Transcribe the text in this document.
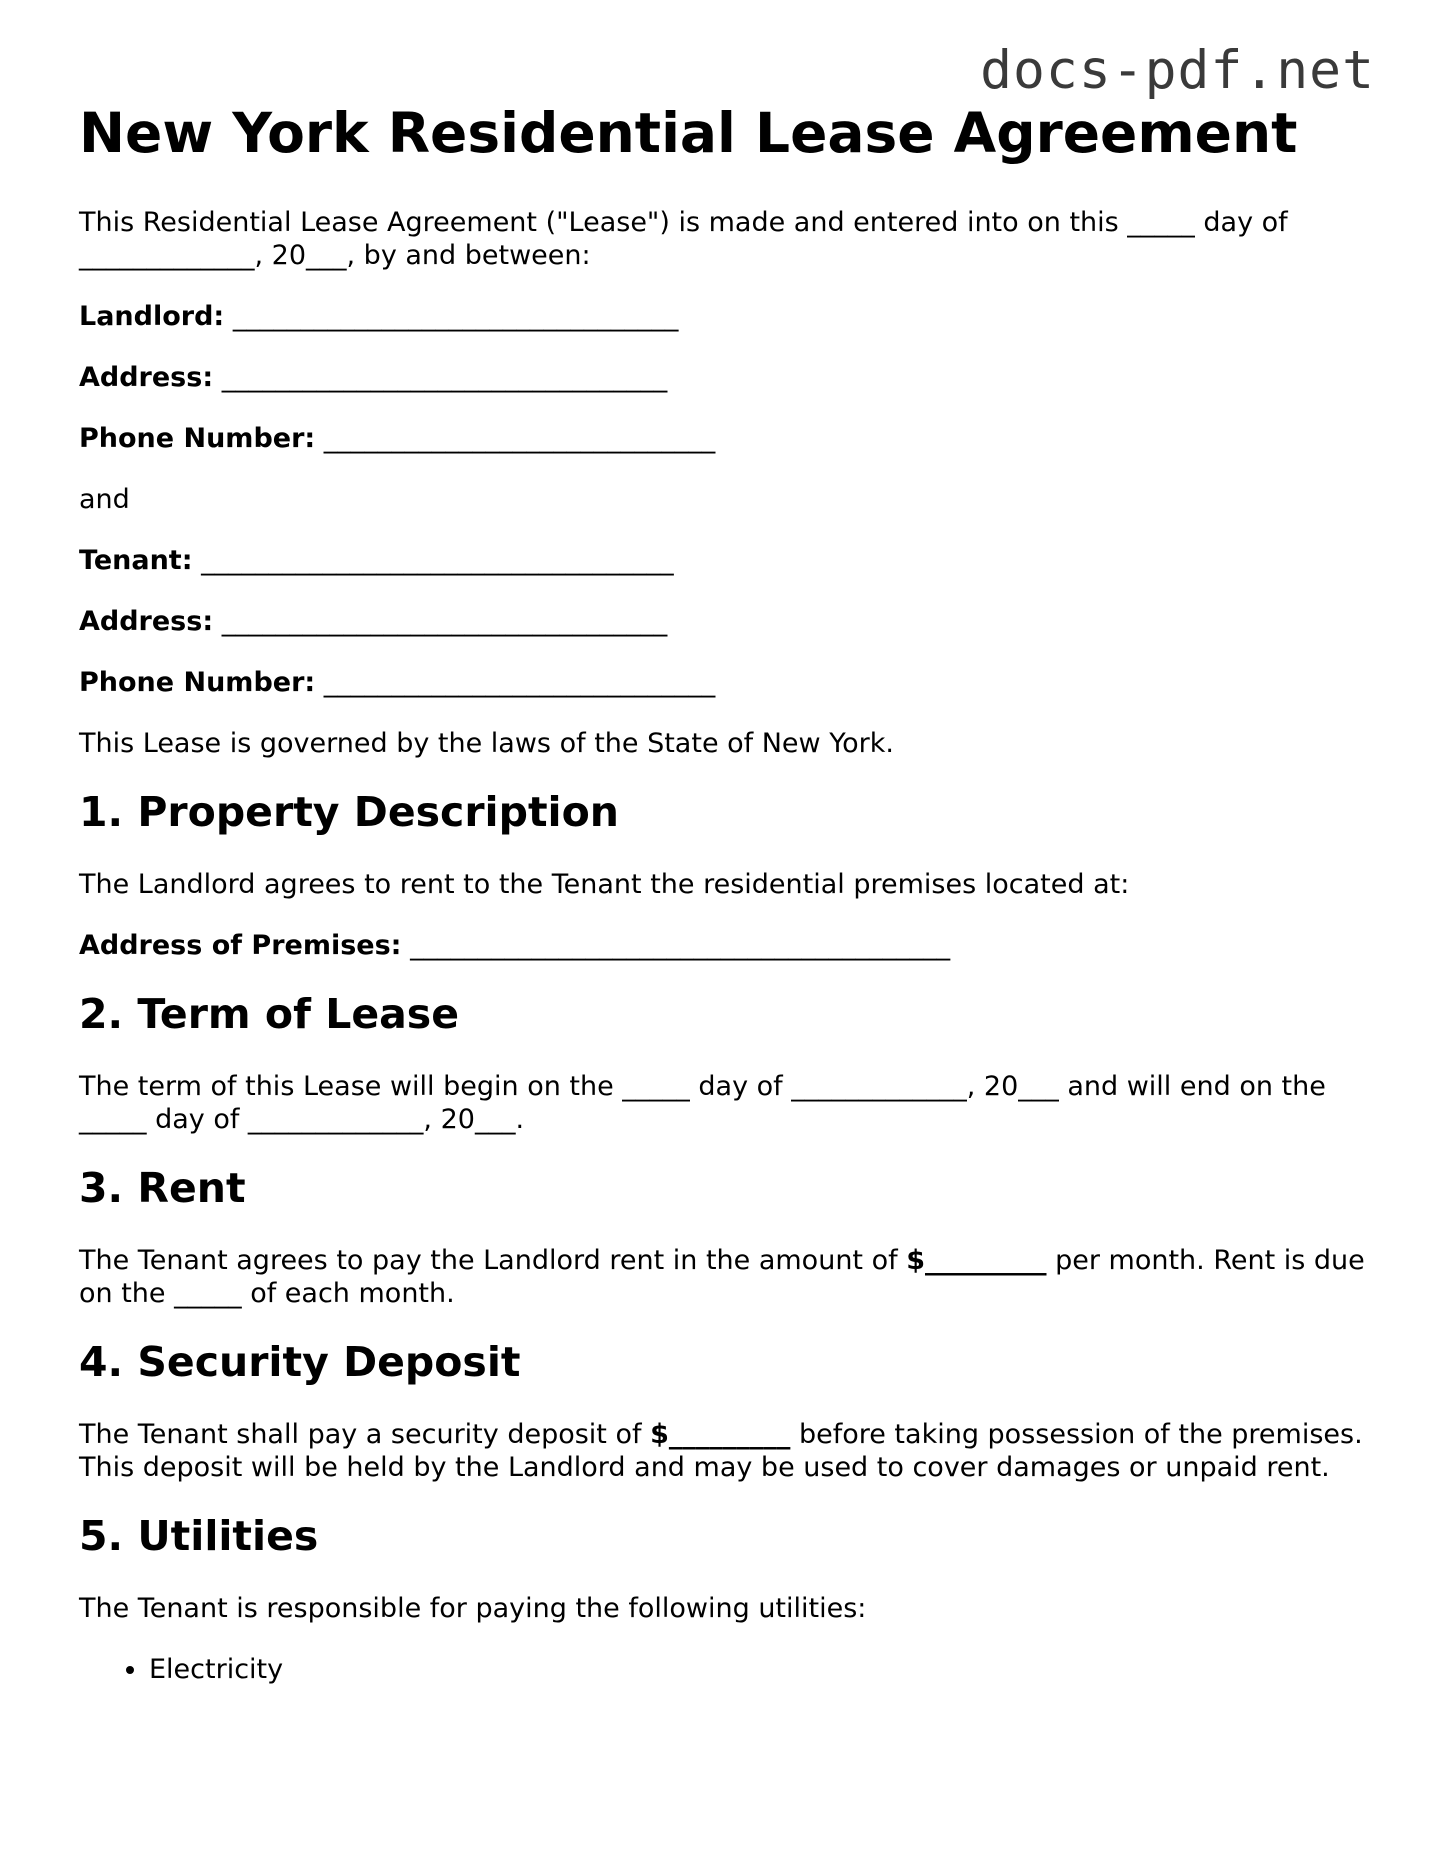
docs-pdf.net
New York Residential Lease Agreement

This Residential Lease Agreement ("Lease") is made and entered into on this _____ day of _____________, 20___, by and between:

Landlord: _________________________________
Address: _________________________________
Phone Number: _____________________________

and

Tenant: ___________________________________
Address: _________________________________
Phone Number: _____________________________

This Lease is governed by the laws of the State of New York.

1. Property Description

The Landlord agrees to rent to the Tenant the residential premises located at:

Address of Premises: ________________________________________
2. Term of Lease

The term of this Lease will begin on the _____ day of _____________, 20___ and will end on the _____ day of _____________, 20___.

3. Rent

The Tenant agrees to pay the Landlord rent in the amount of $_________ per month. Rent is due on the _____ of each month.

4. Security Deposit

The Tenant shall pay a security deposit of $_________ before taking possession of the premises. This deposit will be held by the Landlord and may be used to cover damages or unpaid rent.

5. Utilities

The Tenant is responsible for paying the following utilities:

• Electricity
